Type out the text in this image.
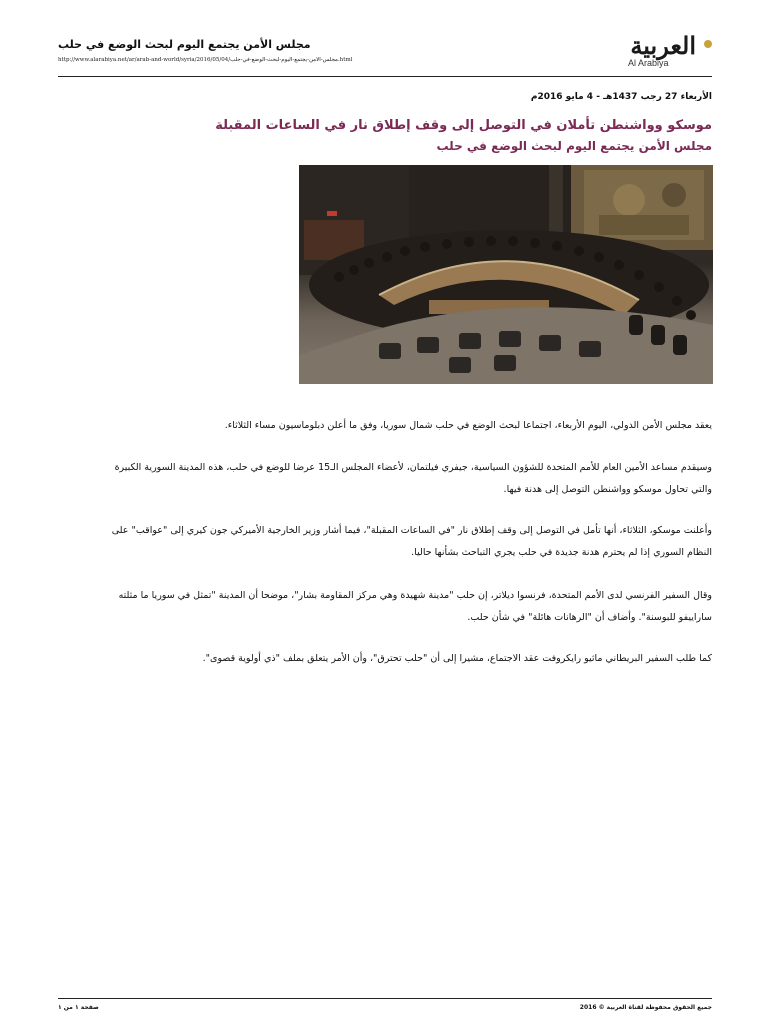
مجلس الأمن يجتمع اليوم لبحث الوضع في حلب
http://www.alarabiya.net/ar/arab-and-world/syria/2016/05/04/مجلس-الأمن-يجتمع-اليوم-لبحث-الوضع-في-حلب.html	العربية
Al Arabiya
الأربعاء 27 رجب 1437هـ - 4 مايو 2016م
موسكو وواشنطن تأملان في التوصل إلى وقف إطلاق نار في الساعات المقبلة
مجلس الأمن يجتمع اليوم لبحث الوضع في حلب
يعقد مجلس الأمن الدولي، اليوم الأربعاء، اجتماعا لبحث الوضع في حلب شمال سوريا، وفق ما أعلن دبلوماسيون مساء الثلاثاء.
وسيقدم مساعد الأمين العام للأمم المتحدة للشؤون السياسية، جيفري فيلتمان، لأعضاء المجلس الـ15 عرضا للوضع في حلب، هذه المدينة السورية الكبيرة والتي تحاول موسكو وواشنطن التوصل إلى هدنة فيها.
وأعلنت موسكو، الثلاثاء، أنها تأمل في التوصل إلى وقف إطلاق نار "في الساعات المقبلة"، فيما أشار وزير الخارجية الأميركي جون كيري إلى "عواقب" على النظام السوري إذا لم يحترم هدنة جديدة في حلب يجري التباحث بشأنها حاليا.
وقال السفير الفرنسي لدى الأمم المتحدة، فرنسوا ديلاتر، إن حلب "مدينة شهيدة وهي مركز المقاومة بشار"، موضحا أن المدينة "تمثل في سوريا ما مثلته ساراييفو للبوسنة". وأضاف أن "الرهانات هائلة" في شأن حلب.
كما طلب السفير البريطاني ماثيو رايكروفت عقد الاجتماع، مشيرا إلى أن "حلب تحترق"، وأن الأمر يتعلق بملف "ذي أولوية قصوى".
صفحة ١ من ١	جميع الحقوق محفوظة لقناة العربية © 2016
